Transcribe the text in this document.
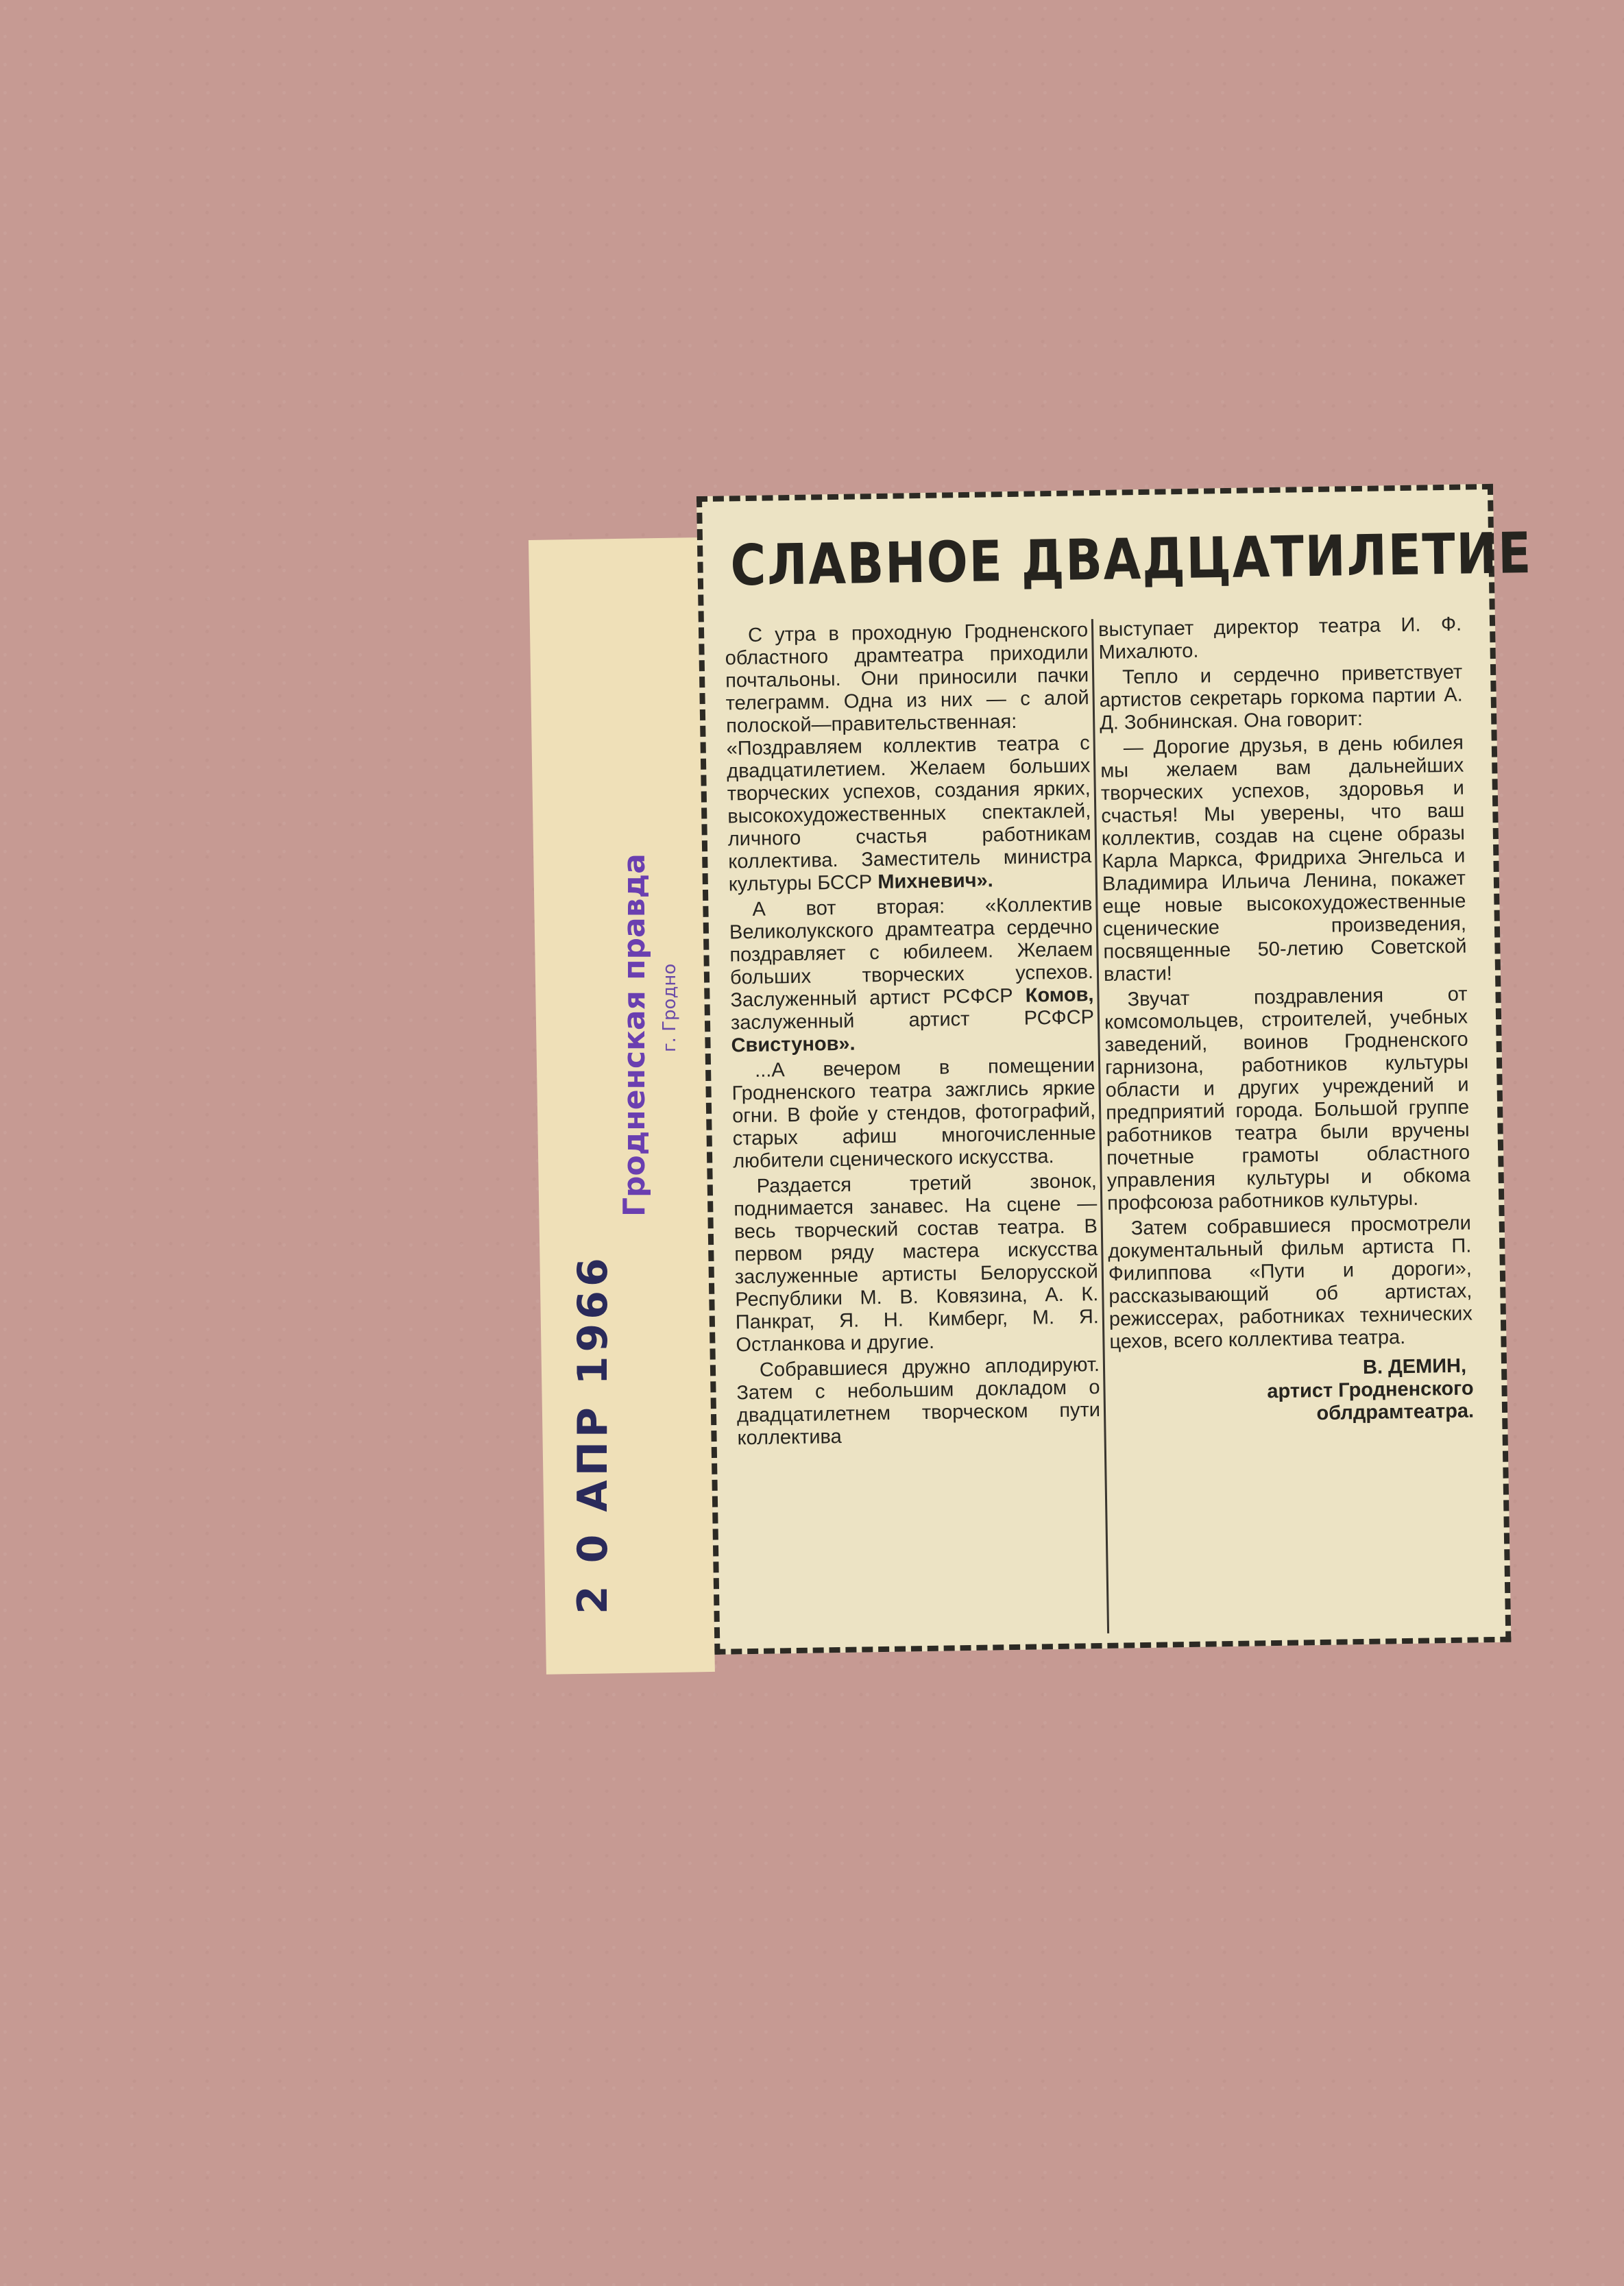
СЛАВНОЕ ДВАДЦАТИЛЕТИЕ

С утра в проходную Гродненского областного драмтеатра приходили почтальоны. Они приносили пачки телеграмм. Одна из них — с алой полоской—правительственная: «Поздравляем коллектив театра с двадцатилетием. Желаем больших творческих успехов, создания ярких, высокохудожественных спектаклей, личного счастья работникам коллектива. Заместитель министра культуры БССР Михневич».

А вот вторая: «Коллектив Великолукского драмтеатра сердечно поздравляет с юбилеем. Желаем больших творческих успехов. Заслуженный артист РСФСР Комов, заслуженный артист РСФСР Свистунов».

...А вечером в помещении Гродненского театра зажглись яркие огни. В фойе у стендов, фотографий, старых афиш многочисленные любители сценического искусства.

Раздается третий звонок, поднимается занавес. На сцене — весь творческий состав театра. В первом ряду мастера искусства заслуженные артисты Белорусской Республики М. В. Ковязина, А. К. Панкрат, Я. Н. Кимберг, М. Я. Остланкова и другие.

Собравшиеся дружно аплодируют. Затем с небольшим докладом о двадцатилетнем творческом пути коллектива

выступает директор театра И. Ф. Михалюто.

Тепло и сердечно приветствует артистов секретарь горкома партии А. Д. Зобнинская. Она говорит:

— Дорогие друзья, в день юбилея мы желаем вам дальнейших творческих успехов, здоровья и счастья! Мы уверены, что ваш коллектив, создав на сцене образы Карла Маркса, Фридриха Энгельса и Владимира Ильича Ленина, покажет еще новые высокохудожественные сценические произведения, посвященные 50-летию Советской власти!

Звучат поздравления от комсомольцев, строителей, учебных заведений, воинов Гродненского гарнизона, работников культуры области и других учреждений и предприятий города. Большой группе работников театра были вручены почетные грамоты областного управления культуры и обкома профсоюза работников культуры.

Затем собравшиеся просмотрели документальный фильм артиста П. Филиппова «Пути и дороги», рассказывающий об артистах, режиссерах, работниках технических цехов, всего коллектива театра.

В. ДЕМИН,
артист Гродненского
облдрамтеатра.
Гродненская правда г. Гродно
2 0 АПР 1966
